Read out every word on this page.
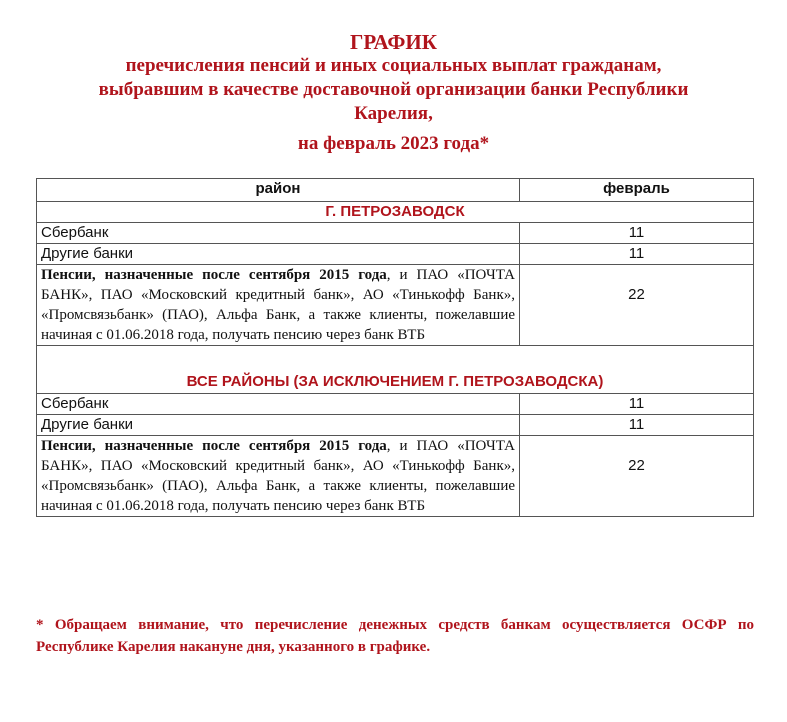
ГРАФИК
перечисления пенсий и иных социальных выплат гражданам,
выбравшим в качестве доставочной организации банки Республики
Карелия,
на февраль 2023 года*
район	февраль
Г. ПЕТРОЗАВОДСК	
Сбербанк	11
Другие банки	11
Пенсии, назначенные после сентября 2015 года, и ПАО «ПОЧТА БАНК», ПАО «Московский кредитный банк», АО «Тинькофф Банк», «Промсвязьбанк» (ПАО), Альфа Банк, а также клиенты, пожелавшие начиная с 01.06.2018 года, получать пенсию через банк ВТБ	22
ВСЕ РАЙОНЫ (ЗА ИСКЛЮЧЕНИЕМ Г. ПЕТРОЗАВОДСКА)	
Сбербанк	11
Другие банки	11
Пенсии, назначенные после сентября 2015 года, и ПАО «ПОЧТА БАНК», ПАО «Московский кредитный банк», АО «Тинькофф Банк», «Промсвязьбанк» (ПАО), Альфа Банк, а также клиенты, пожелавшие начиная с 01.06.2018 года, получать пенсию через банк ВТБ	22
* Обращаем внимание, что перечисление денежных средств банкам осуществляется ОСФР по Республике Карелия накануне дня, указанного в графике.
